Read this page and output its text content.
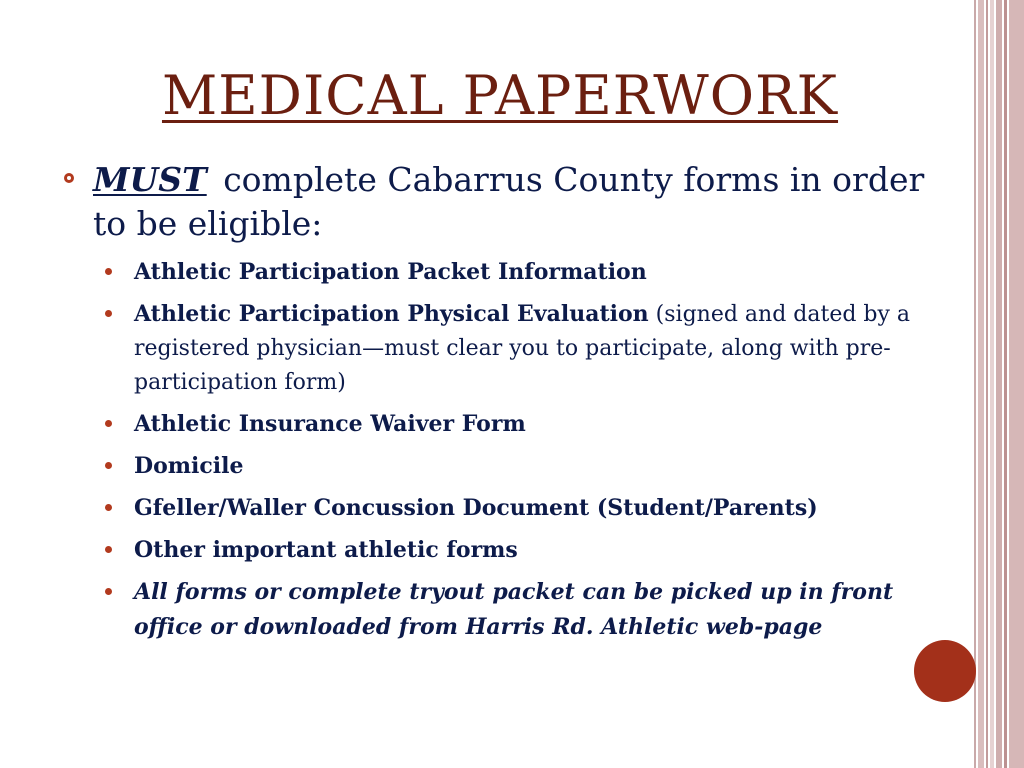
MEDICAL PAPERWORK
MUST complete Cabarrus County forms in order to be eligible:
Athletic Participation Packet Information
Athletic Participation Physical Evaluation (signed and dated by a registered physician—must clear you to participate, along with pre-participation form)
Athletic Insurance Waiver Form
Domicile
Gfeller/Waller Concussion Document (Student/Parents)
Other important athletic forms
All forms or complete tryout packet can be picked up in front office or downloaded from Harris Rd. Athletic web-page
